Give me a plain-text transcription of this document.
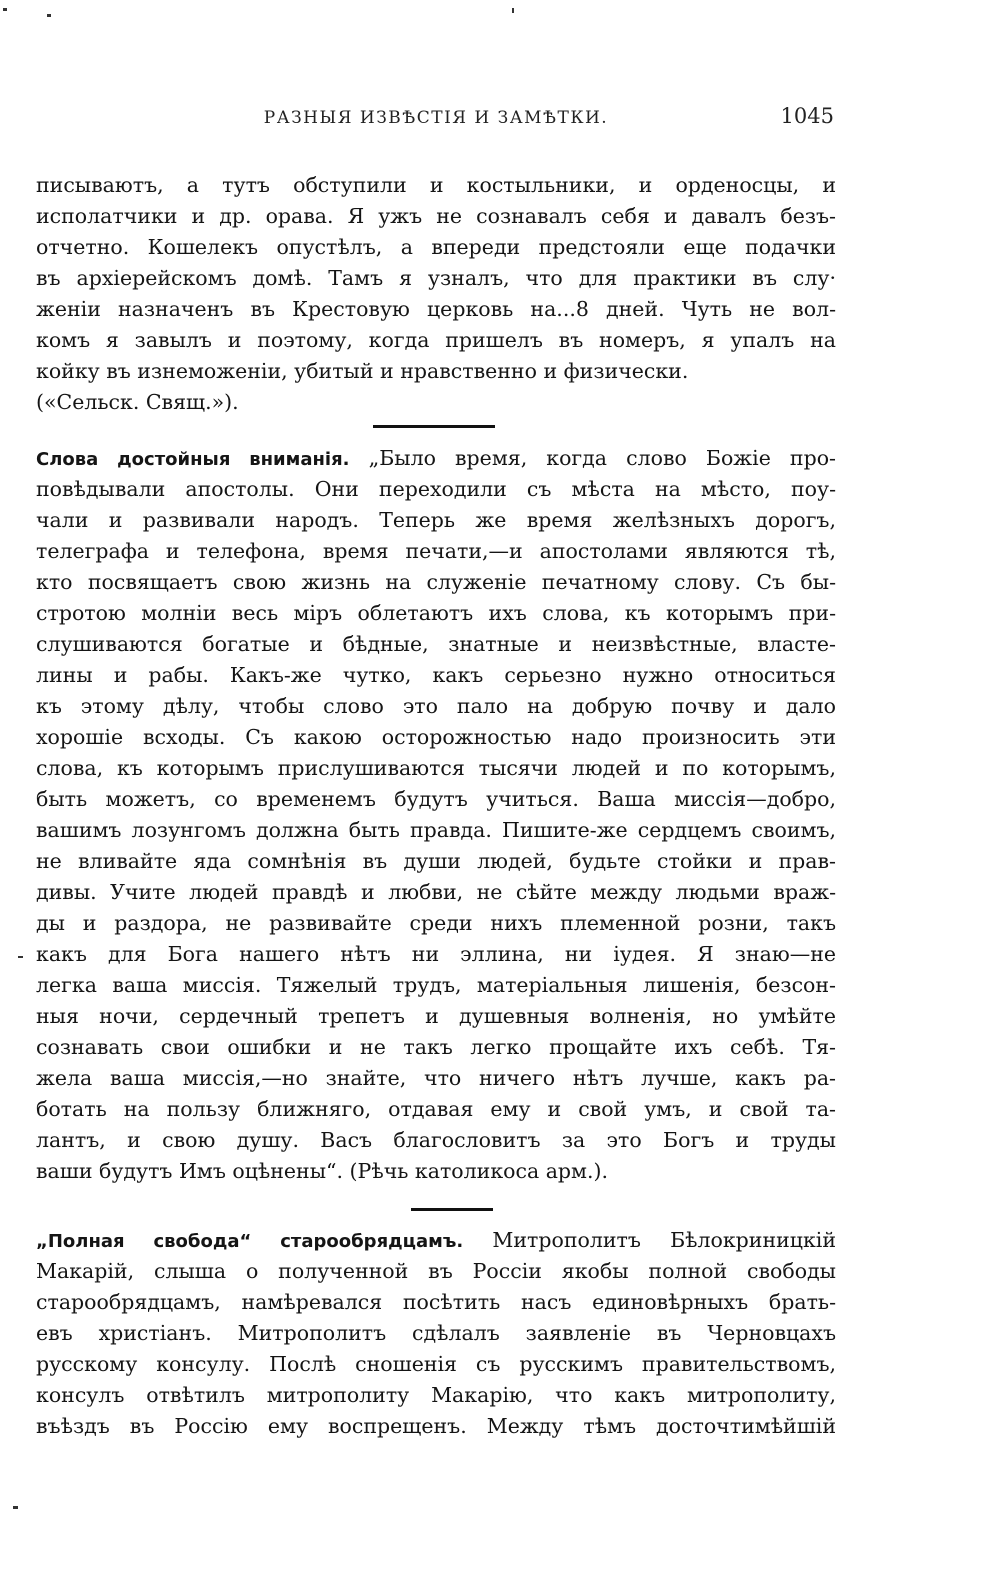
РАЗНЫЯ ИЗВѢСТІЯ И ЗАМѢТКИ.	1045
писываютъ, а тутъ обступили и костыльники, и орденосцы, и
исполатчики и др. орава. Я ужъ не сознавалъ себя и давалъ безъ-
отчетно. Кошелекъ опустѣлъ, а впереди предстояли еще подачки
въ архіерейскомъ домѣ. Тамъ я узналъ, что для практики въ слу·
женіи назначенъ въ Крестовую церковь на...8 дней. Чуть не вол-
комъ я завылъ и поэтому, когда пришелъ въ номеръ, я упалъ на
койку въ изнеможеніи, убитый и нравственно и физически.
(«Сельск. Свящ.»).
Слова достойныя вниманія. „Было время, когда слово Божіе про-
повѣдывали апостолы. Они переходили съ мѣста на мѣсто, поу-
чали и развивали народъ. Теперь же время желѣзныхъ дорогъ,
телеграфа и телефона, время печати,—и апостолами являются тѣ,
кто посвящаетъ свою жизнь на служеніе печатному слову. Съ бы-
стротою молніи весь міръ облетаютъ ихъ слова, къ которымъ при-
слушиваются богатые и бѣдные, знатные и неизвѣстные, власте-
лины и рабы. Какъ-же чутко, какъ серьезно нужно относиться
къ этому дѣлу, чтобы слово это пало на добрую почву и дало
хорошіе всходы. Съ какою осторожностью надо произносить эти
слова, къ которымъ прислушиваются тысячи людей и по которымъ,
быть можетъ, со временемъ будутъ учиться. Ваша миссія—добро,
вашимъ лозунгомъ должна быть правда. Пишите-же сердцемъ своимъ,
не вливайте яда сомнѣнія въ души людей, будьте стойки и прав-
дивы. Учите людей правдѣ и любви, не сѣйте между людьми враж-
ды и раздора, не развивайте среди нихъ племенной розни, такъ
какъ для Бога нашего нѣтъ ни эллина, ни іудея. Я знаю—не
легка ваша миссія. Тяжелый трудъ, матеріальныя лишенія, безсон-
ныя ночи, сердечный трепетъ и душевныя волненія, но умѣйте
сознавать свои ошибки и не такъ легко прощайте ихъ себѣ. Тя-
жела ваша миссія,—но знайте, что ничего нѣтъ лучше, какъ ра-
ботать на пользу ближняго, отдавая ему и свой умъ, и свой та-
лантъ, и свою душу. Васъ благословитъ за это Богъ и труды
ваши будутъ Имъ оцѣнены“. (Рѣчь католикоса арм.).
„Полная свобода“ старообрядцамъ. Митрополитъ Бѣлокриницкій
Макарій, слыша о полученной въ Россіи якобы полной свободы
старообрядцамъ, намѣревался посѣтить насъ единовѣрныхъ брать-
евъ христіанъ. Митрополитъ сдѣлалъ заявленіе въ Черновцахъ
русскому консулу. Послѣ сношенія съ русскимъ правительствомъ,
консулъ отвѣтилъ митрополиту Макарію, что какъ митрополиту,
въѣздъ въ Россію ему воспрещенъ. Между тѣмъ досточтимѣйшій
